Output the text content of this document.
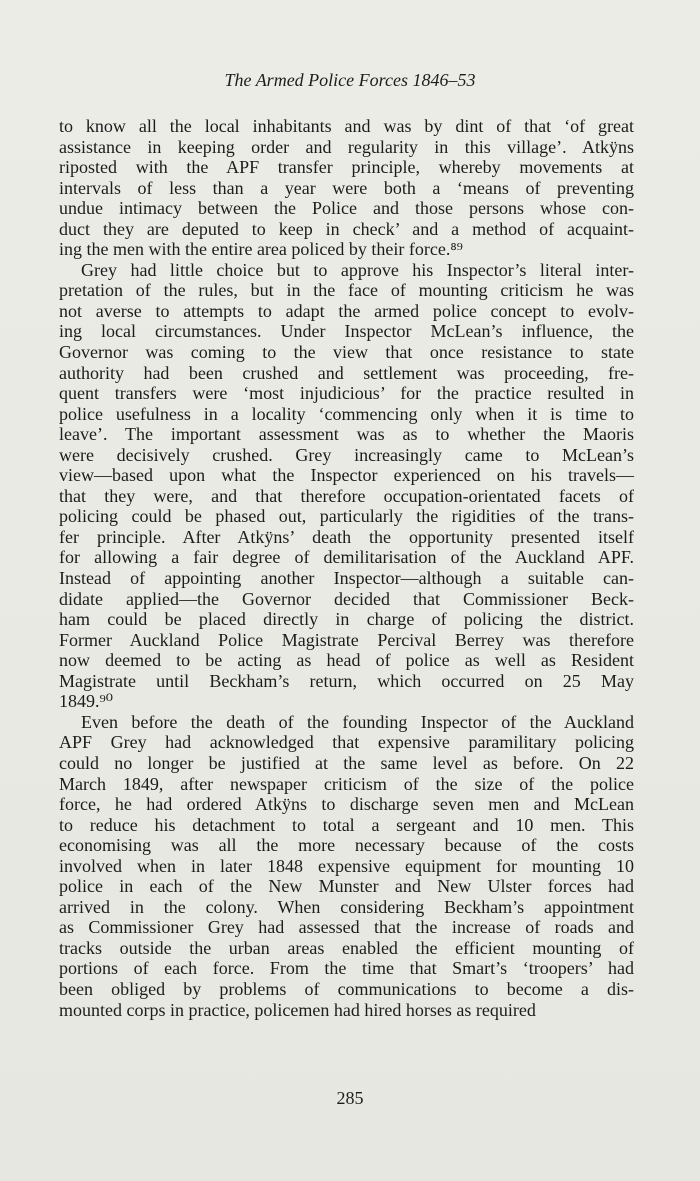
The Armed Police Forces 1846–53
to know all the local inhabitants and was by dint of that ‘of great
assistance in keeping order and regularity in this village’. Atkÿns
riposted with the APF transfer principle, whereby movements at
intervals of less than a year were both a ‘means of preventing
undue intimacy between the Police and those persons whose con-
duct they are deputed to keep in check’ and a method of acquaint-
ing the men with the entire area policed by their force.⁸⁹
Grey had little choice but to approve his Inspector’s literal inter-
pretation of the rules, but in the face of mounting criticism he was
not averse to attempts to adapt the armed police concept to evolv-
ing local circumstances. Under Inspector McLean’s influence, the
Governor was coming to the view that once resistance to state
authority had been crushed and settlement was proceeding, fre-
quent transfers were ‘most injudicious’ for the practice resulted in
police usefulness in a locality ‘commencing only when it is time to
leave’. The important assessment was as to whether the Maoris
were decisively crushed. Grey increasingly came to McLean’s
view—based upon what the Inspector experienced on his travels—
that they were, and that therefore occupation-orientated facets of
policing could be phased out, particularly the rigidities of the trans-
fer principle. After Atkÿns’ death the opportunity presented itself
for allowing a fair degree of demilitarisation of the Auckland APF.
Instead of appointing another Inspector—although a suitable can-
didate applied—the Governor decided that Commissioner Beck-
ham could be placed directly in charge of policing the district.
Former Auckland Police Magistrate Percival Berrey was therefore
now deemed to be acting as head of police as well as Resident
Magistrate until Beckham’s return, which occurred on 25 May
1849.⁹⁰
Even before the death of the founding Inspector of the Auckland
APF Grey had acknowledged that expensive paramilitary policing
could no longer be justified at the same level as before. On 22
March 1849, after newspaper criticism of the size of the police
force, he had ordered Atkÿns to discharge seven men and McLean
to reduce his detachment to total a sergeant and 10 men. This
economising was all the more necessary because of the costs
involved when in later 1848 expensive equipment for mounting 10
police in each of the New Munster and New Ulster forces had
arrived in the colony. When considering Beckham’s appointment
as Commissioner Grey had assessed that the increase of roads and
tracks outside the urban areas enabled the efficient mounting of
portions of each force. From the time that Smart’s ‘troopers’ had
been obliged by problems of communications to become a dis-
mounted corps in practice, policemen had hired horses as required
285
